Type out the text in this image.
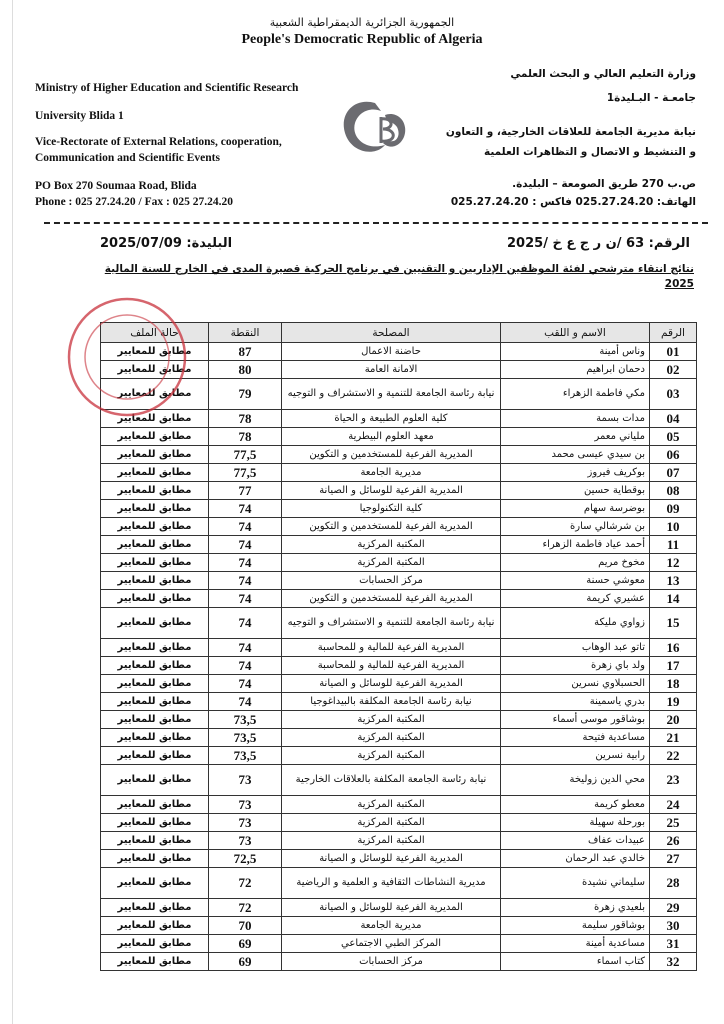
الجمهورية الجزائرية الديمقراطية الشعبية
People's Democratic Republic of Algeria
Ministry of Higher Education and Scientific Research
University Blida 1
Vice-Rectorate of External Relations, cooperation,
Communication and Scientific Events
PO Box 270 Soumaa Road, Blida
Phone : 025 27.24.20 / Fax : 025 27.24.20
وزارة التعليم العالي و البحث العلمي
جامعـة - البـليدة1
نيابة مديرية الجامعة للعلاقات الخارجية، و التعاون
و التنشيط و الاتصال و التظاهرات العلمية
ص.ب 270 طريق الصومعة – البليدة.
الهاتف: 025.27.24.20 فاكس : 025.27.24.20
الرقم: 63 /ن ر ج ع خ /2025
البليدة: 2025/07/09
نتائج انتقاء مترشحي لفئة الموظفين الإداريين و التقنيين في برنامج الحركية قصيرة المدى في الخارج للسنة المالية 2025
الرقم	الاسم و اللقب	المصلحة	النقطة	حالة الملف
01	وناس أمينة	حاضنة الاعمال	87	مطابق للمعايير
02	دحمان ابراهيم	الامانة العامة	80	مطابق للمعايير
03	مكي فاطمة الزهراء	نيابة رئاسة الجامعة للتنمية و الاستشراف و التوجيه	79	مطابق للمعايير
04	مدات بسمة	كلية العلوم الطبيعة و الحياة	78	مطابق للمعايير
05	ملياني معمر	معهد العلوم البيطرية	78	مطابق للمعايير
06	بن سيدي عيسى محمد	المديرية الفرعية للمستخدمين و التكوين	77,5	مطابق للمعايير
07	بوكريف فيروز	مديرية الجامعة	77,5	مطابق للمعايير
08	بوقطاية حسين	المديرية الفرعية للوسائل و الصيانة	77	مطابق للمعايير
09	بوضرسة سهام	كلية التكنولوجيا	74	مطابق للمعايير
10	بن شرشالي سارة	المديرية الفرعية للمستخدمين و التكوين	74	مطابق للمعايير
11	أحمد عياد فاطمة الزهراء	المكتبة المركزية	74	مطابق للمعايير
12	مخوخ مريم	المكتبة المركزية	74	مطابق للمعايير
13	معوشي حسنة	مركز الحسابات	74	مطابق للمعايير
14	عشيري كريمة	المديرية الفرعية للمستخدمين و التكوين	74	مطابق للمعايير
15	زواوي مليكة	نيابة رئاسة الجامعة للتنمية و الاستشراف و التوجيه	74	مطابق للمعايير
16	تاتو عبد الوهاب	المديرية الفرعية للمالية و للمحاسبة	74	مطابق للمعايير
17	ولد باي زهرة	المديرية الفرعية للمالية و للمحاسبة	74	مطابق للمعايير
18	الحسبلاوي نسرين	المديرية الفرعية للوسائل و الصيانة	74	مطابق للمعايير
19	بدري ياسمينة	نيابة رئاسة الجامعة المكلفة بالبيداغوجيا	74	مطابق للمعايير
20	بوشاقور موسى أسماء	المكتبة المركزية	73,5	مطابق للمعايير
21	مساعدية فتيحة	المكتبة المركزية	73,5	مطابق للمعايير
22	رابية نسرين	المكتبة المركزية	73,5	مطابق للمعايير
23	محي الدين زوليخة	نيابة رئاسة الجامعة المكلفة بالعلاقات الخارجية	73	مطابق للمعايير
24	معطو كريمة	المكتبة المركزية	73	مطابق للمعايير
25	بورحلة سهيلة	المكتبة المركزية	73	مطابق للمعايير
26	عبيدات عفاف	المكتبة المركزية	73	مطابق للمعايير
27	خالدي عبد الرحمان	المديرية الفرعية للوسائل و الصيانة	72,5	مطابق للمعايير
28	سليماني نشيدة	مديرية النشاطات الثقافية و العلمية و الرياضية	72	مطابق للمعايير
29	بلعيدي زهرة	المديرية الفرعية للوسائل و الصيانة	72	مطابق للمعايير
30	بوشاقور سليمة	مديرية الجامعة	70	مطابق للمعايير
31	مساعدية أمينة	المركز الطبي الاجتماعي	69	مطابق للمعايير
32	كتاب اسماء	مركز الحسابات	69	مطابق للمعايير
